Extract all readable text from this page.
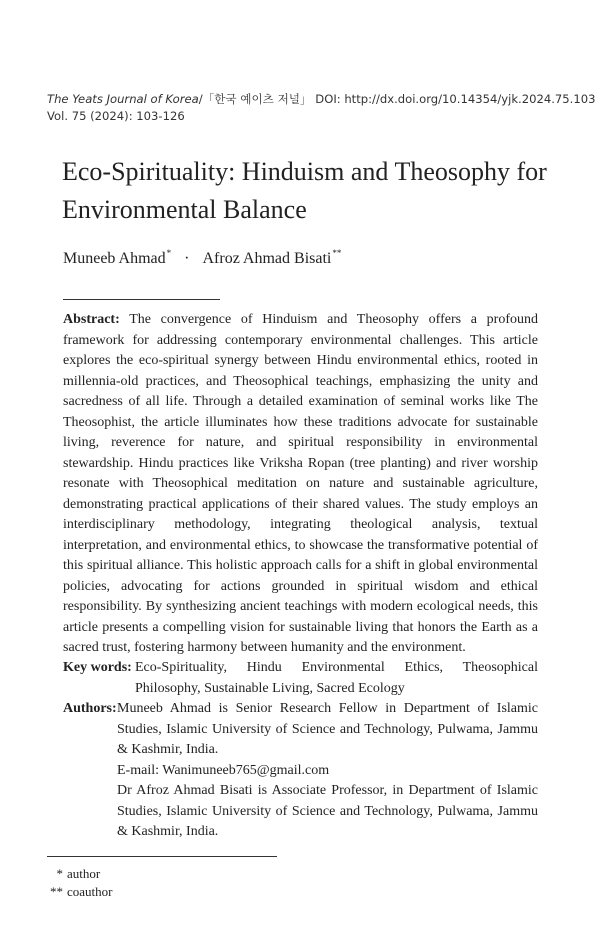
The Yeats Journal of Korea/「한국 예이츠 저널」 DOI: http://dx.doi.org/10.14354/yjk.2024.75.103
Vol. 75 (2024): 103-126
Eco-Spirituality: Hinduism and Theosophy for Environmental Balance
Muneeb Ahmad* · Afroz Ahmad Bisati**
Abstract: The convergence of Hinduism and Theosophy offers a profound framework for addressing contemporary environmental challenges. This article explores the eco-spiritual synergy between Hindu environmental ethics, rooted in millennia-old practices, and Theosophical teachings, emphasizing the unity and sacredness of all life. Through a detailed examination of seminal works like The Theosophist, the article illuminates how these traditions advocate for sustainable living, reverence for nature, and spiritual responsibility in environmental stewardship. Hindu practices like Vriksha Ropan (tree planting) and river worship resonate with Theosophical meditation on nature and sustainable agriculture, demonstrating practical applications of their shared values. The study employs an interdisciplinary methodology, integrating theological analysis, textual interpretation, and environmental ethics, to showcase the transformative potential of this spiritual alliance. This holistic approach calls for a shift in global environmental policies, advocating for actions grounded in spiritual wisdom and ethical responsibility. By synthesizing ancient teachings with modern ecological needs, this article presents a compelling vision for sustainable living that honors the Earth as a sacred trust, fostering harmony between humanity and the environment.
Key words: Eco-Spirituality, Hindu Environmental Ethics, Theosophical Philosophy, Sustainable Living, Sacred Ecology
Authors: Muneeb Ahmad is Senior Research Fellow in Department of Islamic Studies, Islamic University of Science and Technology, Pulwama, Jammu & Kashmir, India.
E-mail: Wanimuneeb765@gmail.com
Dr Afroz Ahmad Bisati is Associate Professor, in Department of Islamic Studies, Islamic University of Science and Technology, Pulwama, Jammu & Kashmir, India.
* author
** coauthor
